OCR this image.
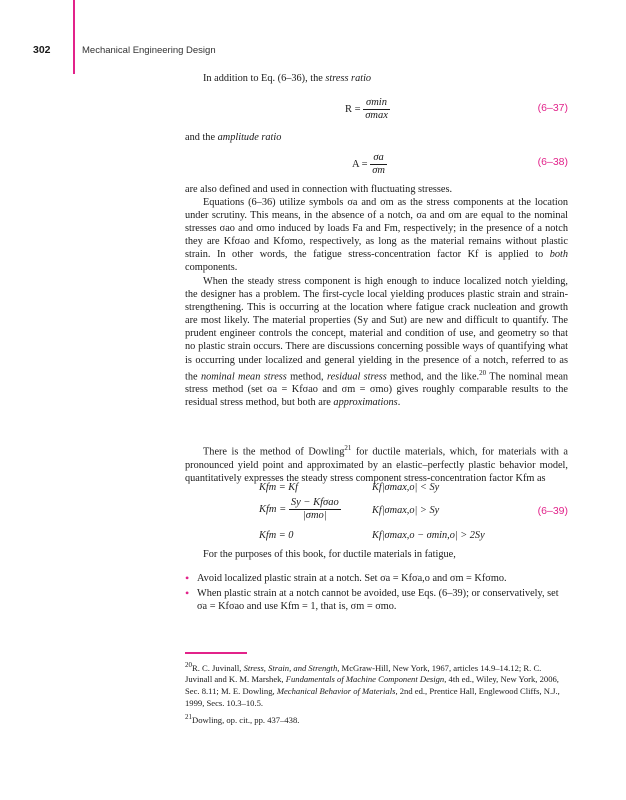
302	Mechanical Engineering Design

In addition to Eq. (6–36), the stress ratio

$R = \frac{\sigma\min}{\sigma\max}$	(6–37)

and the amplitude ratio

$A = \frac{\sigma a}{\sigma m}$	(6–38)

are also defined and used in connection with fluctuating stresses.

Equations (6–36) utilize symbols σa and σm as the stress components at the location under scrutiny. This means, in the absence of a notch, σa and σm are equal to the nominal stresses σao and σmo induced by loads Fa and Fm, respectively; in the presence of a notch they are Kfσao and Kfσmo, respectively, as long as the material remains without plastic strain. In other words, the fatigue stress-concentration factor Kf is applied to both components.

When the steady stress component is high enough to induce localized notch yielding, the designer has a problem. The first-cycle local yielding produces plastic strain and strain-strengthening. This is occurring at the location where fatigue crack nucleation and growth are most likely. The material properties (Sy and Sut) are new and difficult to quantify. The prudent engineer controls the concept, material and condition of use, and geometry so that no plastic strain occurs. There are discussions concerning possible ways of quantifying what is occurring under localized and general yielding in the presence of a notch, referred to as the nominal mean stress method, residual stress method, and the like.$^{20}$ The nominal mean stress method (set σa = Kfσao and σm = σmo) gives roughly comparable results to the residual stress method, but both are approximations.

There is the method of Dowling$^{21}$ for ductile materials, which, for materials with a pronounced yield point and approximated by an elastic–perfectly plastic behavior model, quantitatively expresses the steady stress component stress-concentration factor Kfm as

Kfm = Kf	Kf|σmax,o| < Sy
Kfm = $\frac{\text{Sy − Kfσao}}{\text{|σmo|}}$	Kf|σmax,o| > Sy	(6–39)
Kfm = 0	Kf|σmax,o − σmin,o| > 2Sy

For the purposes of this book, for ductile materials in fatigue,

• Avoid localized plastic strain at a notch. Set σa = Kfσa,o and σm = Kfσmo.
• When plastic strain at a notch cannot be avoided, use Eqs. (6–39); or conservatively, set σa = Kfσao and use Kfm = 1, that is, σm = σmo.

$^{20}$R. C. Juvinall, Stress, Strain, and Strength, McGraw-Hill, New York, 1967, articles 14.9–14.12; R. C. Juvinall and K. M. Marshek, Fundamentals of Machine Component Design, 4th ed., Wiley, New York, 2006, Sec. 8.11; M. E. Dowling, Mechanical Behavior of Materials, 2nd ed., Prentice Hall, Englewood Cliffs, N.J., 1999, Secs. 10.3–10.5.

$^{21}$Dowling, op. cit., pp. 437–438.
